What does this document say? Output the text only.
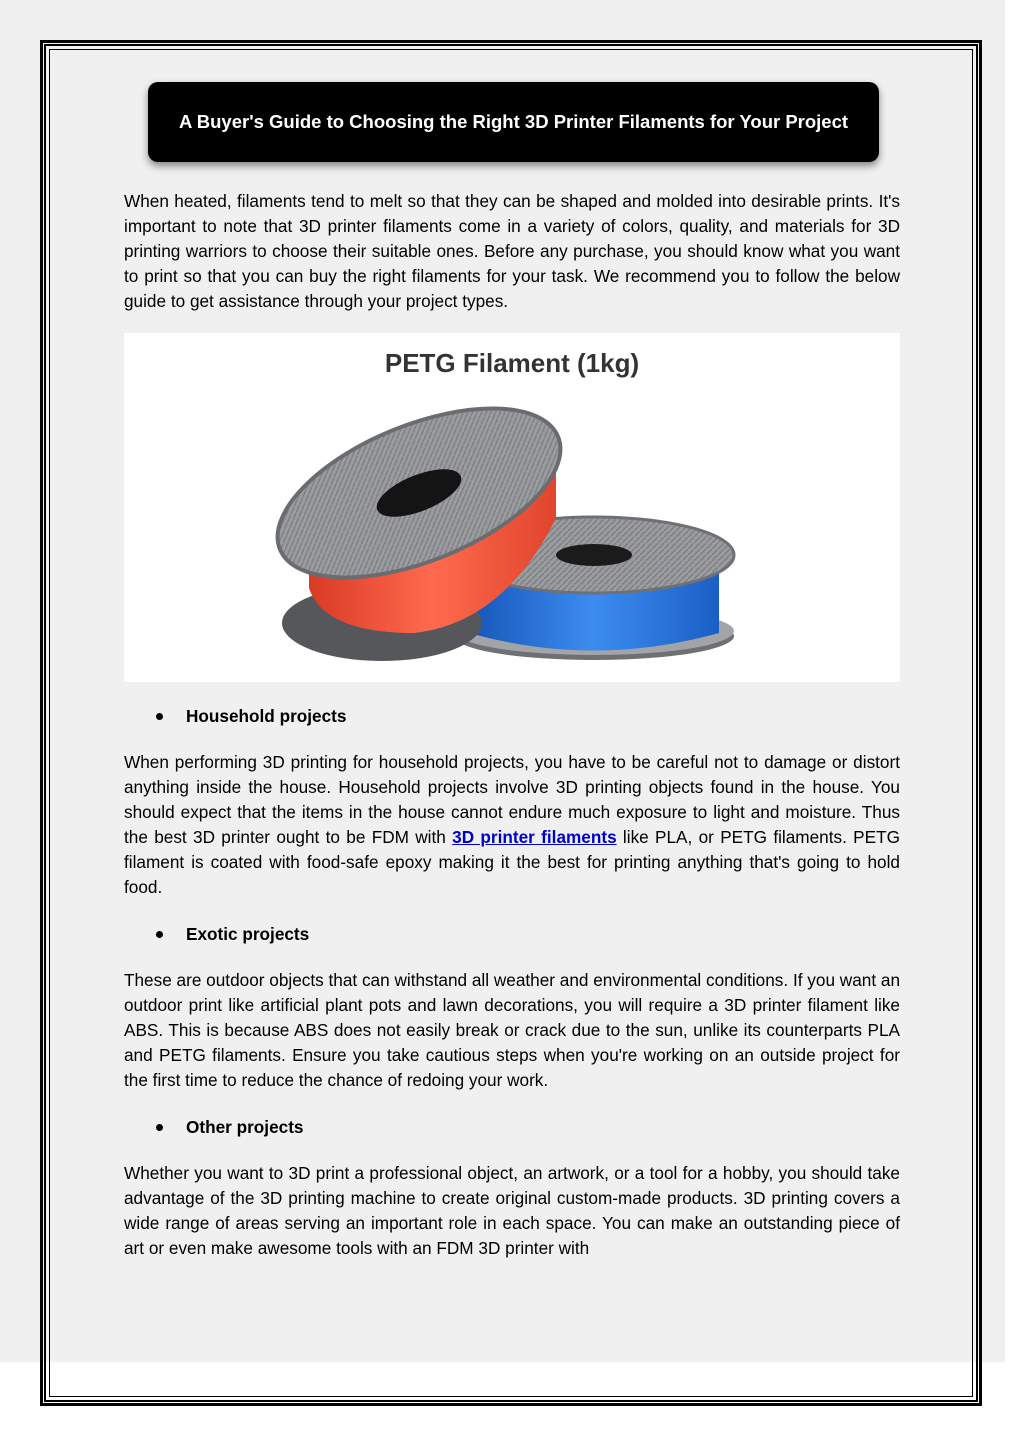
A Buyer's Guide to Choosing the Right 3D Printer Filaments for Your Project

When heated, filaments tend to melt so that they can be shaped and molded into desirable prints. It's important to note that 3D printer filaments come in a variety of colors, quality, and materials for 3D printing warriors to choose their suitable ones. Before any purchase, you should know what you want to print so that you can buy the right filaments for your task. We recommend you to follow the below guide to get assistance through your project types.

PETG Filament (1kg)

Household projects

When performing 3D printing for household projects, you have to be careful not to damage or distort anything inside the house. Household projects involve 3D printing objects found in the house. You should expect that the items in the house cannot endure much exposure to light and moisture. Thus the best 3D printer ought to be FDM with 3D printer filaments like PLA, or PETG filaments. PETG filament is coated with food-safe epoxy making it the best for printing anything that's going to hold food.

Exotic projects

These are outdoor objects that can withstand all weather and environmental conditions. If you want an outdoor print like artificial plant pots and lawn decorations, you will require a 3D printer filament like ABS. This is because ABS does not easily break or crack due to the sun, unlike its counterparts PLA and PETG filaments. Ensure you take cautious steps when you're working on an outside project for the first time to reduce the chance of redoing your work.

Other projects

Whether you want to 3D print a professional object, an artwork, or a tool for a hobby, you should take advantage of the 3D printing machine to create original custom-made products. 3D printing covers a wide range of areas serving an important role in each space. You can make an outstanding piece of art or even make awesome tools with an FDM 3D printer with
